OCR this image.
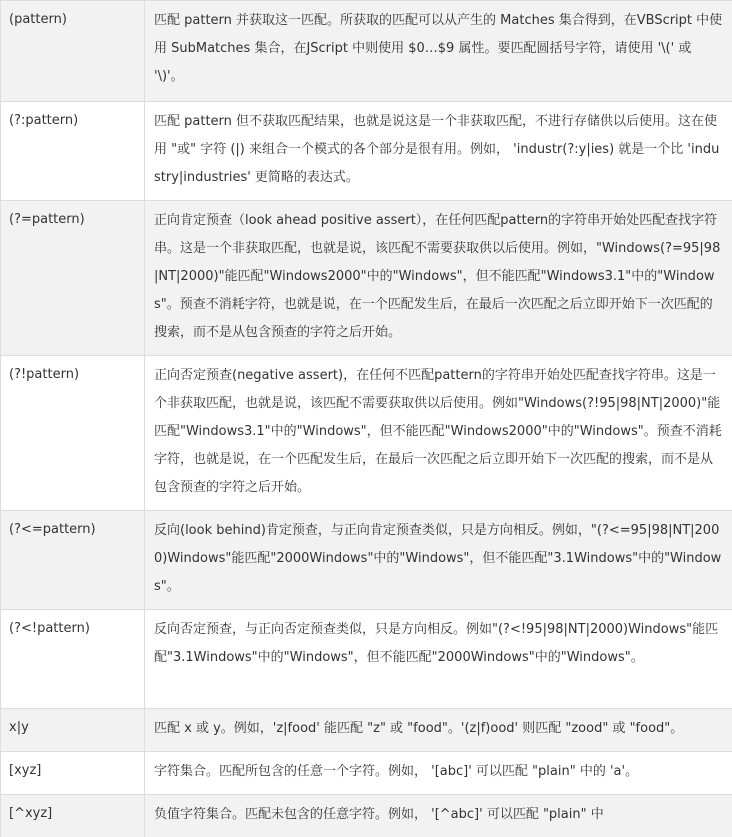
(pattern)	匹配 pattern 并获取这一匹配。所获取的匹配可以从产生的 Matches 集合得到，在VBScript 中使用 SubMatches 集合，在JScript 中则使用 $0…$9 属性。要匹配圆括号字符，请使用 '\(' 或 '\)'。
(?:pattern)	匹配 pattern 但不获取匹配结果，也就是说这是一个非获取匹配，不进行存储供以后使用。这在使用 "或" 字符 (|) 来组合一个模式的各个部分是很有用。例如， 'industr(?:y|ies) 就是一个比 'industry|industries' 更简略的表达式。
(?=pattern)	正向肯定预查（look ahead positive assert），在任何匹配pattern的字符串开始处匹配查找字符串。这是一个非获取匹配，也就是说，该匹配不需要获取供以后使用。例如，"Windows(?=95|98|NT|2000)"能匹配"Windows2000"中的"Windows"，但不能匹配"Windows3.1"中的"Windows"。预查不消耗字符，也就是说，在一个匹配发生后，在最后一次匹配之后立即开始下一次匹配的搜索，而不是从包含预查的字符之后开始。
(?!pattern)	正向否定预查(negative assert)，在任何不匹配pattern的字符串开始处匹配查找字符串。这是一个非获取匹配，也就是说，该匹配不需要获取供以后使用。例如"Windows(?!95|98|NT|2000)"能匹配"Windows3.1"中的"Windows"，但不能匹配"Windows2000"中的"Windows"。预查不消耗字符，也就是说，在一个匹配发生后，在最后一次匹配之后立即开始下一次匹配的搜索，而不是从包含预查的字符之后开始。
(?<=pattern)	反向(look behind)肯定预查，与正向肯定预查类似，只是方向相反。例如，"(?<=95|98|NT|2000)Windows"能匹配"2000Windows"中的"Windows"，但不能匹配"3.1Windows"中的"Windows"。
(?<!pattern)	反向否定预查，与正向否定预查类似，只是方向相反。例如"(?<!95|98|NT|2000)Windows"能匹配"3.1Windows"中的"Windows"，但不能匹配"2000Windows"中的"Windows"。
x|y	匹配 x 或 y。例如，'z|food' 能匹配 "z" 或 "food"。'(z|f)ood' 则匹配 "zood" 或 "food"。
[xyz]	字符集合。匹配所包含的任意一个字符。例如， '[abc]' 可以匹配 "plain" 中的 'a'。
[^xyz]	负值字符集合。匹配未包含的任意字符。例如， '[^abc]' 可以匹配 "plain" 中
